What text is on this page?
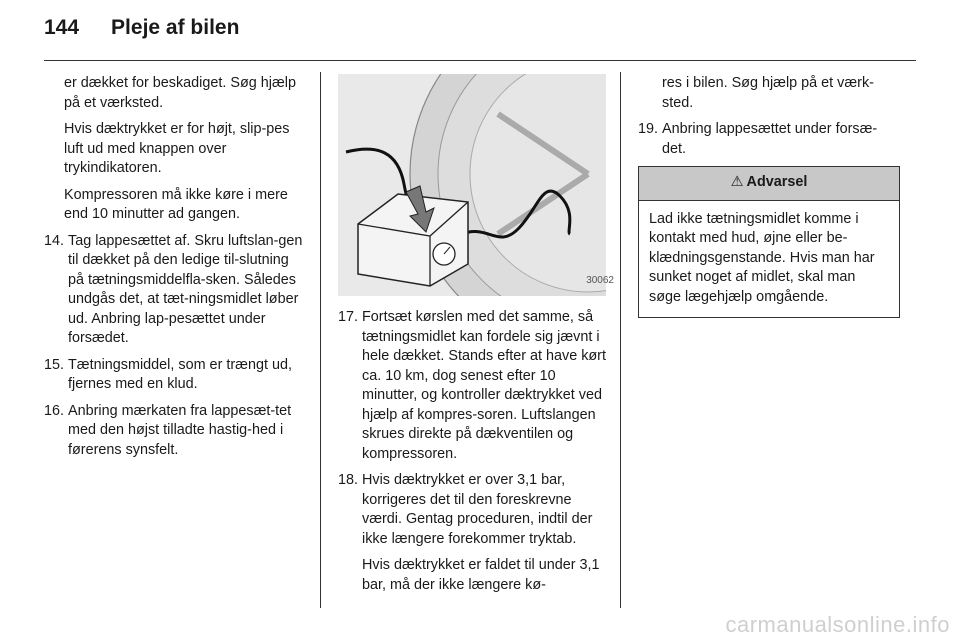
144 Pleje af bilen

er dækket for beskadiget. Søg hjælp på et værksted.

Hvis dæktrykket er for højt, slip-pes luft ud med knappen over trykindikatoren.

Kompressoren må ikke køre i mere end 10 minutter ad gangen.

14. Tag lappesættet af. Skru luftslan-gen til dækket på den ledige til-slutning på tætningsmiddelfla-sken. Således undgås det, at tæt-ningsmidlet løber ud. Anbring lap-pesættet under forsædet.
15. Tætningsmiddel, som er trængt ud, fjernes med en klud.
16. Anbring mærkaten fra lappesæt-tet med den højst tilladte hastig-hed i førerens synsfelt.
30062
17. Fortsæt kørslen med det samme, så tætningsmidlet kan fordele sig jævnt i hele dækket. Stands efter at have kørt ca. 10 km, dog senest efter 10 minutter, og kontroller dæktrykket ved hjælp af kompres-soren. Luftslangen skrues direkte på dækventilen og kompressoren.
18. Hvis dæktrykket er over 3,1 bar, korrigeres det til den foreskrevne værdi. Gentag proceduren, indtil der ikke længere forekommer tryktab.

Hvis dæktrykket er faldet til under 3,1 bar, må der ikke længere kø-

res i bilen. Søg hjælp på et værk-sted.

19. Anbring lappesættet under forsæ-det.
⚠ Advarsel
Lad ikke tætningsmidlet komme i kontakt med hud, øjne eller be-klædningsgenstande. Hvis man har sunket noget af midlet, skal man søge lægehjælp omgående.
carmanualsonline.info
